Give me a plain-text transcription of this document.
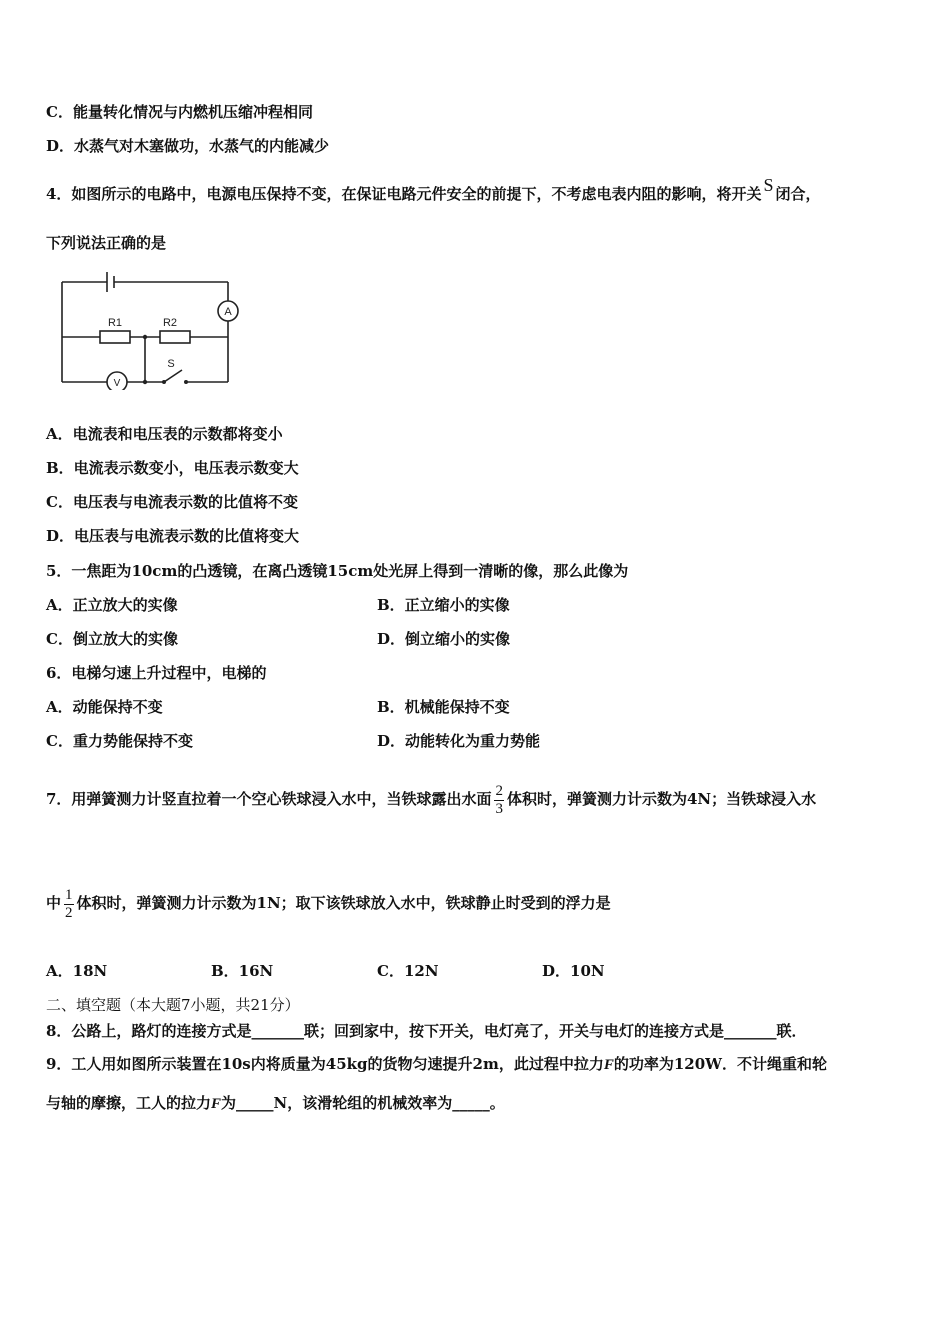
C．能量转化情况与内燃机压缩冲程相同
D．水蒸气对木塞做功，水蒸气的内能减少
4．如图所示的电路中，电源电压保持不变，在保证电路元件安全的前提下，不考虑电表内阻的影响，将开关 S 闭合，
下列说法正确的是
A
V
R1	R2
S
A．电流表和电压表的示数都将变小
B．电流表示数变小，电压表示数变大
C．电压表与电流表示数的比值将不变
D．电压表与电流表示数的比值将变大
5．一焦距为10cm的凸透镜，在离凸透镜15cm处光屏上得到一清晰的像，那么此像为
A．正立放大的实像	B．正立缩小的实像
C．倒立放大的实像	D．倒立缩小的实像
6．电梯匀速上升过程中，电梯的
A．动能保持不变	B．机械能保持不变
C．重力势能保持不变	D．动能转化为重力势能
7．用弹簧测力计竖直拉着一个空心铁球浸入水中，当铁球露出水面 $\frac{2}{3}$ 体积时，弹簧测力计示数为4N；当铁球浸入水
中 $\frac{1}{2}$ 体积时，弹簧测力计示数为1N；取下该铁球放入水中，铁球静止时受到的浮力是
A．18N	B．16N	C．12N	D．10N
二、填空题（本大题7小题，共21分）
8．公路上，路灯的连接方式是_______联；回到家中，按下开关，电灯亮了，开关与电灯的连接方式是_______联．
9．工人用如图所示装置在10s内将质量为45kg的货物匀速提升2m，此过程中拉力F的功率为120W．不计绳重和轮
与轴的摩擦，工人的拉力F为_____N，该滑轮组的机械效率为_____。
